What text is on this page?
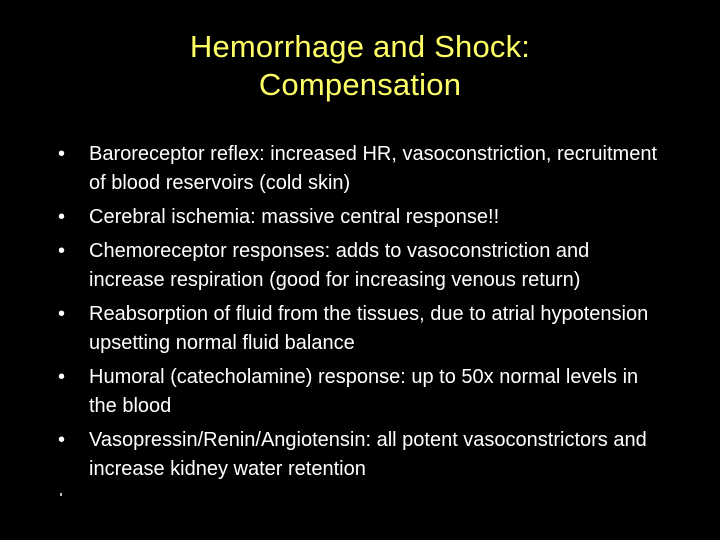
Hemorrhage and Shock:
Compensation
• Baroreceptor reflex: increased HR, vasoconstriction, recruitment of blood reservoirs (cold skin)
• Cerebral ischemia: massive central response!!
• Chemoreceptor responses: adds to vasoconstriction and increase respiration (good for increasing venous return)
• Reabsorption of fluid from the tissues, due to atrial hypotension upsetting normal fluid balance
• Humoral (catecholamine) response: up to 50x normal levels in the blood
• Vasopressin/Renin/Angiotensin: all potent vasoconstrictors and increase kidney water retention
